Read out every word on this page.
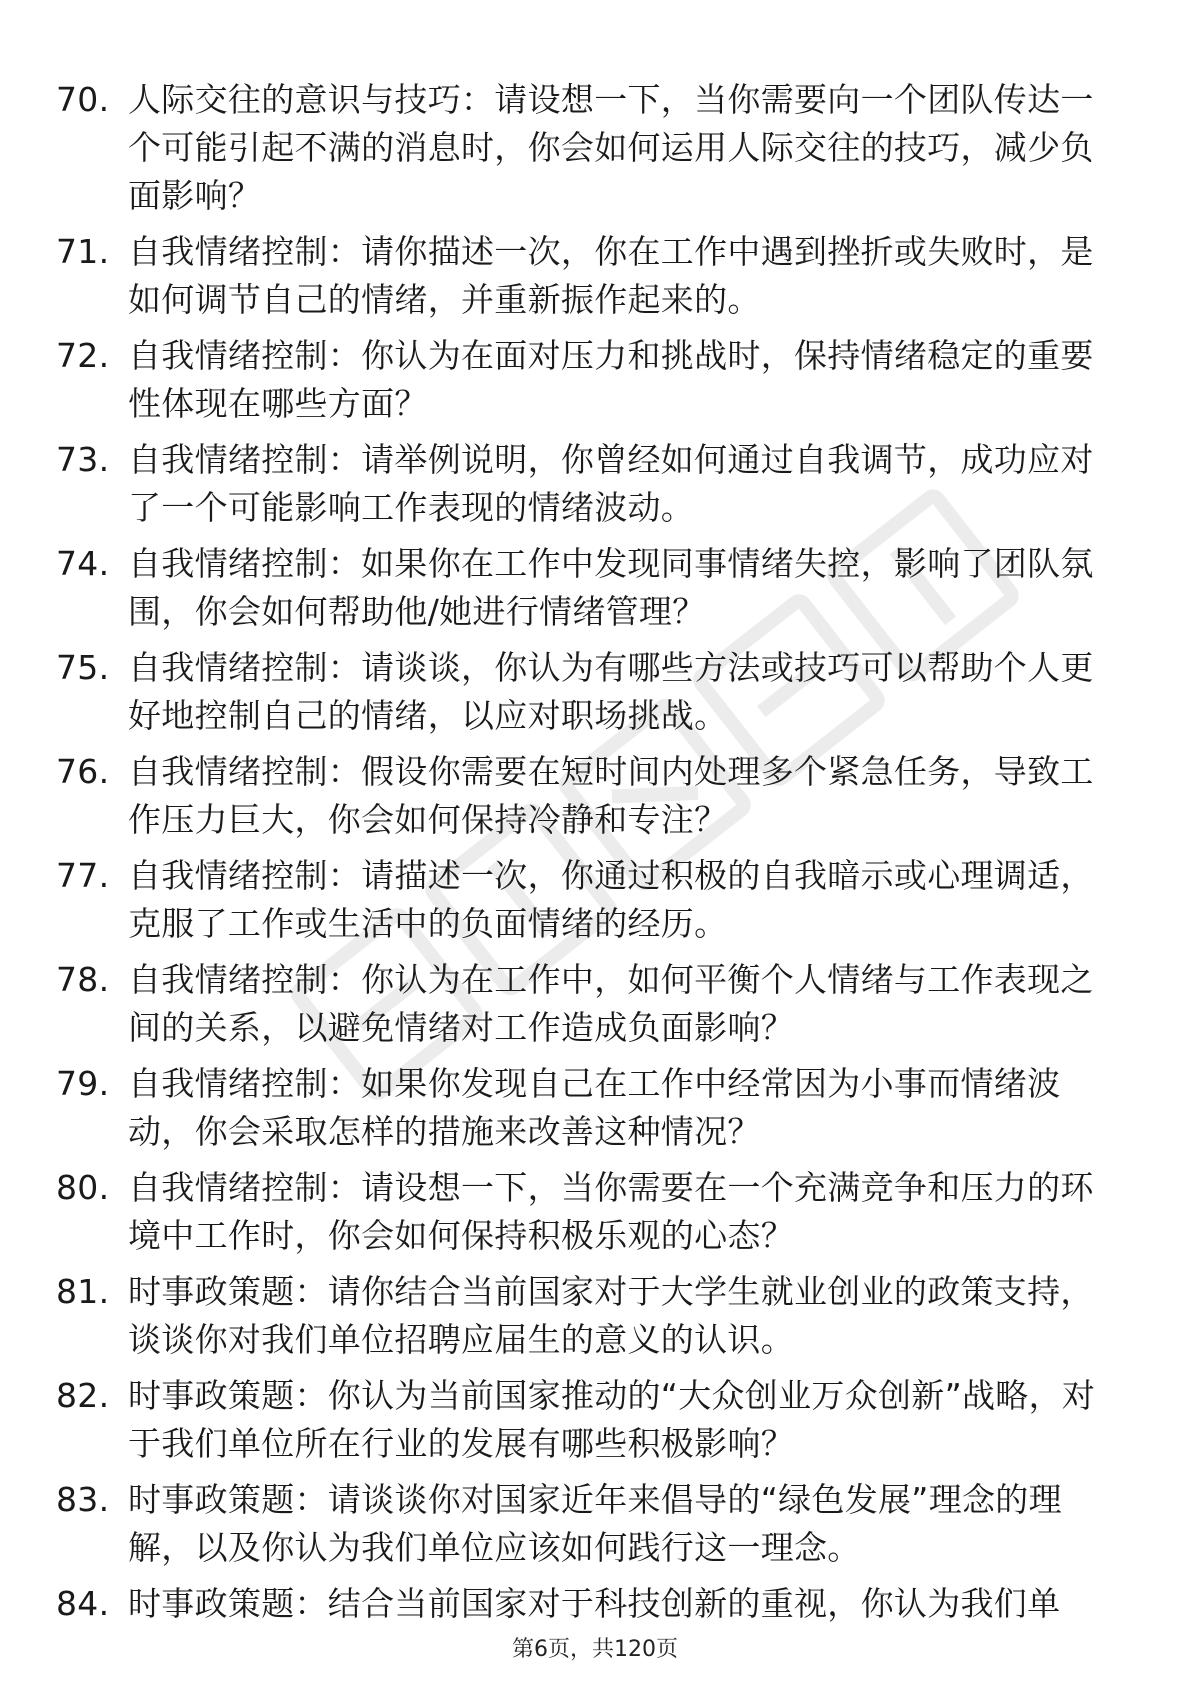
70. 人际交往的意识与技巧：请设想一下，当你需要向一个团队传达一个可能引起不满的消息时，你会如何运用人际交往的技巧，减少负面影响？
71. 自我情绪控制：请你描述一次，你在工作中遇到挫折或失败时，是如何调节自己的情绪，并重新振作起来的。
72. 自我情绪控制：你认为在面对压力和挑战时，保持情绪稳定的重要性体现在哪些方面？
73. 自我情绪控制：请举例说明，你曾经如何通过自我调节，成功应对了一个可能影响工作表现的情绪波动。
74. 自我情绪控制：如果你在工作中发现同事情绪失控，影响了团队氛围，你会如何帮助他/她进行情绪管理？
75. 自我情绪控制：请谈谈，你认为有哪些方法或技巧可以帮助个人更好地控制自己的情绪，以应对职场挑战。
76. 自我情绪控制：假设你需要在短时间内处理多个紧急任务，导致工作压力巨大，你会如何保持冷静和专注？
77. 自我情绪控制：请描述一次，你通过积极的自我暗示或心理调适，克服了工作或生活中的负面情绪的经历。
78. 自我情绪控制：你认为在工作中，如何平衡个人情绪与工作表现之间的关系，以避免情绪对工作造成负面影响？
79. 自我情绪控制：如果你发现自己在工作中经常因为小事而情绪波动，你会采取怎样的措施来改善这种情况？
80. 自我情绪控制：请设想一下，当你需要在一个充满竞争和压力的环境中工作时，你会如何保持积极乐观的心态？
81. 时事政策题：请你结合当前国家对于大学生就业创业的政策支持，谈谈你对我们单位招聘应届生的意义的认识。
82. 时事政策题：你认为当前国家推动的“大众创业万众创新”战略，对于我们单位所在行业的发展有哪些积极影响？
83. 时事政策题：请谈谈你对国家近年来倡导的“绿色发展”理念的理解，以及你认为我们单位应该如何践行这一理念。
84. 时事政策题：结合当前国家对于科技创新的重视，你认为我们单
第6页，共120页
